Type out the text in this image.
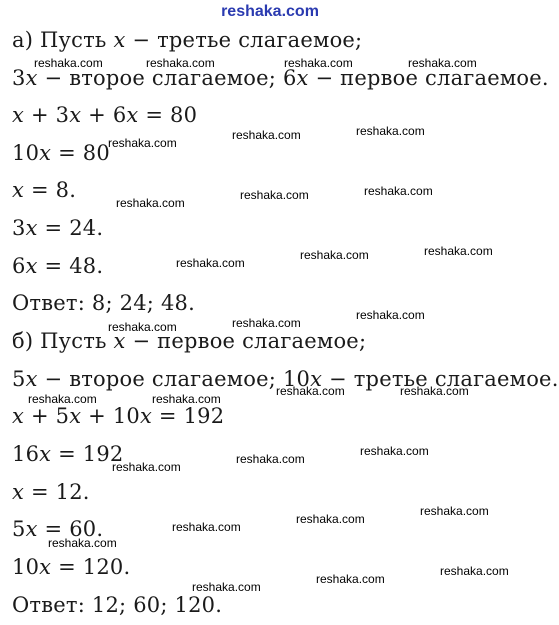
reshaka.com
а) Пусть x − третье слагаемое;
3x − второе слагаемое; 6x − первое слагаемое.
x + 3x + 6x = 80
10x = 80
x = 8.
3x = 24.
6x = 48.
Ответ: 8; 24; 48.
б) Пусть x − первое слагаемое;
5x − второе слагаемое; 10x − третье слагаемое.
x + 5x + 10x = 192
16x = 192
x = 12.
5x = 60.
10x = 120.
Ответ: 12; 60; 120.
reshaka.com	reshaka.com	reshaka.com	reshaka.com
reshaka.com	reshaka.com
reshaka.com
reshaka.com	reshaka.com
reshaka.com
reshaka.com
reshaka.com
reshaka.com
reshaka.com
reshaka.com
reshaka.com
reshaka.com	reshaka.com
reshaka.com	reshaka.com
reshaka.com
reshaka.com
reshaka.com
reshaka.com
reshaka.com
reshaka.com
reshaka.com
reshaka.com
reshaka.com
reshaka.com
